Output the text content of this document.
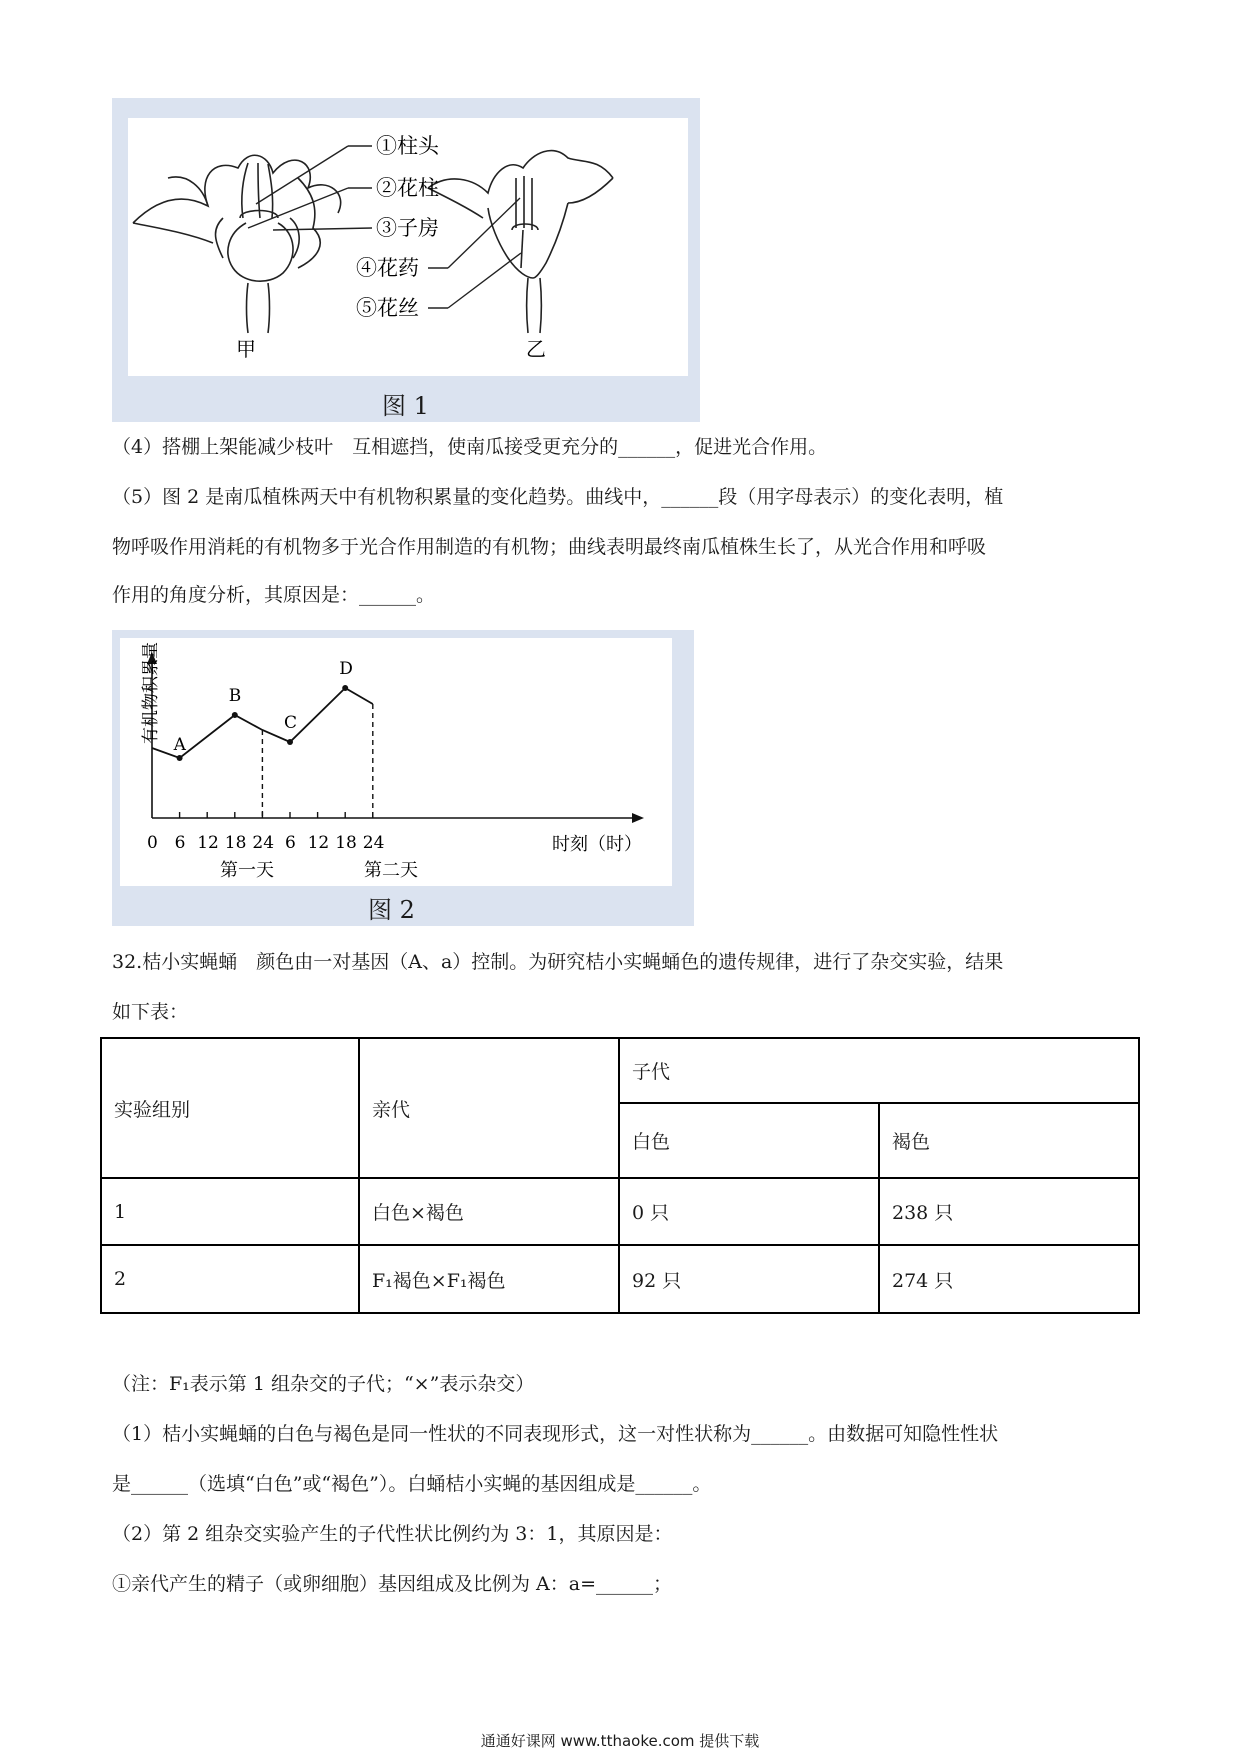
甲	乙
①柱头
②花柱
③子房
④花药
⑤花丝
图 1
（4）搭棚上架能减少枝叶　互相遮挡，使南瓜接受更充分的______，促进光合作用。
（5）图 2 是南瓜植株两天中有机物积累量的变化趋势。曲线中，______段（用字母表示）的变化表明，植
物呼吸作用消耗的有机物多于光合作用制造的有机物；曲线表明最终南瓜植株生长了，从光合作用和呼吸
作用的角度分析，其原因是：______。
有机物积累量
0 6 12 18 24 6 12 18 24
A
B
C
D
时刻（时）
第一天	第二天
图 2
32.桔小实蝇蛹　颜色由一对基因（A、a）控制。为研究桔小实蝇蛹色的遗传规律，进行了杂交实验，结果
如下表：
实验组别	亲代	子代	
		白色	褐色
1	白色×褐色	0 只	238 只
2	F₁褐色×F₁褐色	92 只	274 只
（注：F₁表示第 1 组杂交的子代；“×”表示杂交）
（1）桔小实蝇蛹的白色与褐色是同一性状的不同表现形式，这一对性状称为______。由数据可知隐性性状
是______（选填“白色”或“褐色”）。白蛹桔小实蝇的基因组成是______。
（2）第 2 组杂交实验产生的子代性状比例约为 3：1，其原因是：
①亲代产生的精子（或卵细胞）基因组成及比例为 A：a=______；
通通好课网 www.tthaoke.com 提供下载
